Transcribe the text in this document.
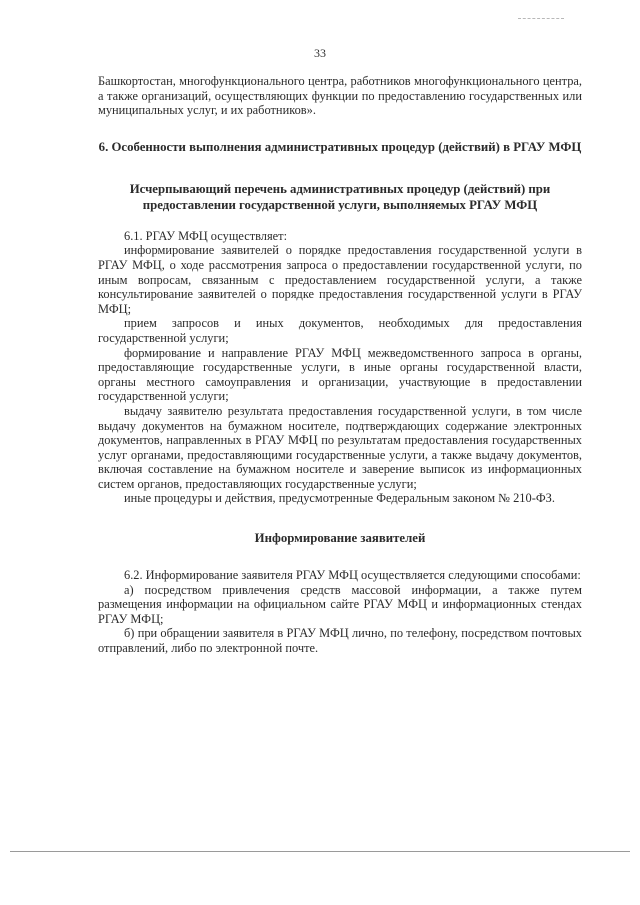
33

Башкортостан, многофункционального центра, работников многофункционального центра, а также организаций, осуществляющих функции по предоставлению государственных или муниципальных услуг, и их работников».

6. Особенности выполнения административных процедур (действий) в РГАУ МФЦ

Исчерпывающий перечень административных процедур (действий) при предоставлении государственной услуги, выполняемых РГАУ МФЦ

6.1. РГАУ МФЦ осуществляет:

информирование заявителей о порядке предоставления государственной услуги в РГАУ МФЦ, о ходе рассмотрения запроса о предоставлении государственной услуги, по иным вопросам, связанным с предоставлением государственной услуги, а также консультирование заявителей о порядке предоставления государственной услуги в РГАУ МФЦ;

прием запросов и иных документов, необходимых для предоставления государственной услуги;

формирование и направление РГАУ МФЦ межведомственного запроса в органы, предоставляющие государственные услуги, в иные органы государственной власти, органы местного самоуправления и организации, участвующие в предоставлении государственной услуги;

выдачу заявителю результата предоставления государственной услуги, в том числе выдачу документов на бумажном носителе, подтверждающих содержание электронных документов, направленных в РГАУ МФЦ по результатам предоставления государственных услуг органами, предоставляющими государственные услуги, а также выдачу документов, включая составление на бумажном носителе и заверение выписок из информационных систем органов, предоставляющих государственные услуги;

иные процедуры и действия, предусмотренные Федеральным законом № 210-ФЗ.

Информирование заявителей

6.2. Информирование заявителя РГАУ МФЦ осуществляется следующими способами:

а) посредством привлечения средств массовой информации, а также путем размещения информации на официальном сайте РГАУ МФЦ и информационных стендах РГАУ МФЦ;

б) при обращении заявителя в РГАУ МФЦ лично, по телефону, посредством почтовых отправлений, либо по электронной почте.
